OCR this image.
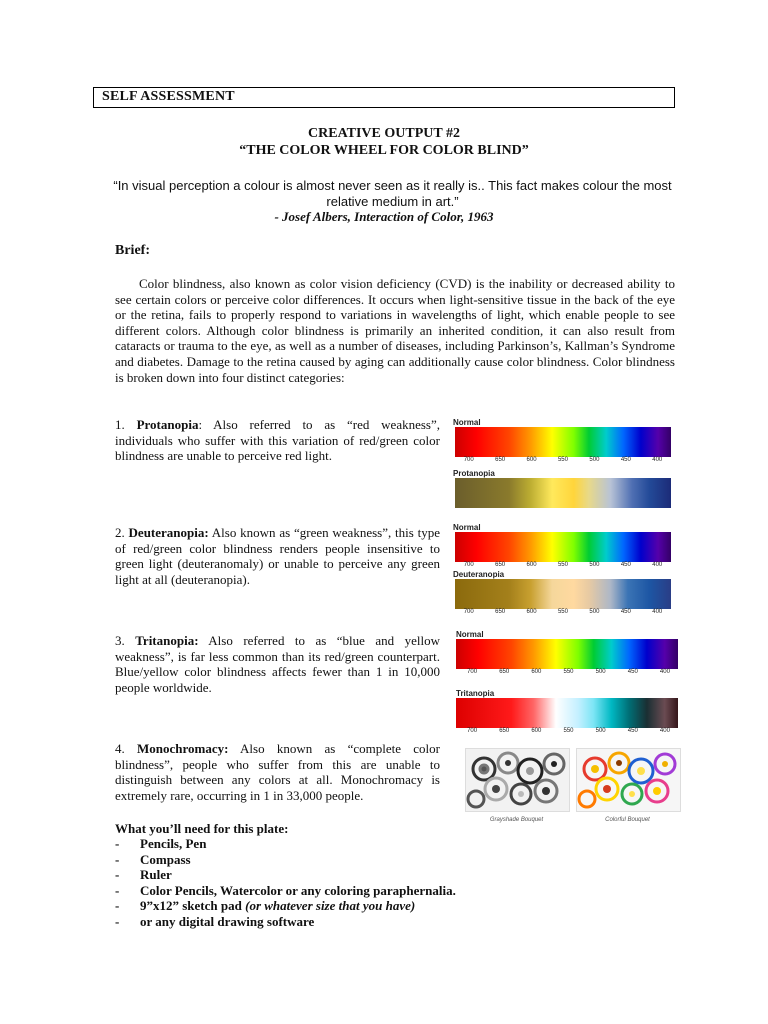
SELF ASSESSMENT
CREATIVE OUTPUT #2
“THE COLOR WHEEL FOR COLOR BLIND”
“In visual perception a colour is almost never seen as it really is.. This fact makes colour the most relative medium in art.”
- Josef Albers, Interaction of Color, 1963
Brief:
Color blindness, also known as color vision deficiency (CVD) is the inability or decreased ability to see certain colors or perceive color differences. It occurs when light-sensitive tissue in the back of the eye or the retina, fails to properly respond to variations in wavelengths of light, which enable people to see different colors. Although color blindness is primarily an inherited condition, it can also result from cataracts or trauma to the eye, as well as a number of diseases, including Parkinson’s, Kallman’s Syndrome and diabetes. Damage to the retina caused by aging can additionally cause color blindness. Color blindness is broken down into four distinct categories:
1. Protanopia: Also referred to as “red weakness”, individuals who suffer with this variation of red/green color blindness are unable to perceive red light.
2. Deuteranopia: Also known as “green weakness”, this type of red/green color blindness renders people insensitive to green light (deuteranomaly) or unable to perceive any green light at all (deuteranopia).
3. Tritanopia: Also referred to as “blue and yellow weakness”, is far less common than its red/green counterpart. Blue/yellow color blindness affects fewer than 1 in 10,000 people worldwide.
4. Monochromacy: Also known as “complete color blindness”, people who suffer from this are unable to distinguish between any colors at all. Monochromacy is extremely rare, occurring in 1 in 33,000 people.
Normal
700	650	600	550	500	450	400
Protanopia
Normal
700	650	600	550	500	450	400
Deuteranopia
700	650	600	550	500	450	400
Normal
700	650	600	550	500	450	400
Tritanopia
700	650	600	550	500	450	400
Grayshade Bouquet	Colorful Bouquet
What you’ll need for this plate:
- Pencils, Pen
- Compass
- Ruler
- Color Pencils, Watercolor or any coloring paraphernalia.
- 9”x12” sketch pad (or whatever size that you have)
- or any digital drawing software
